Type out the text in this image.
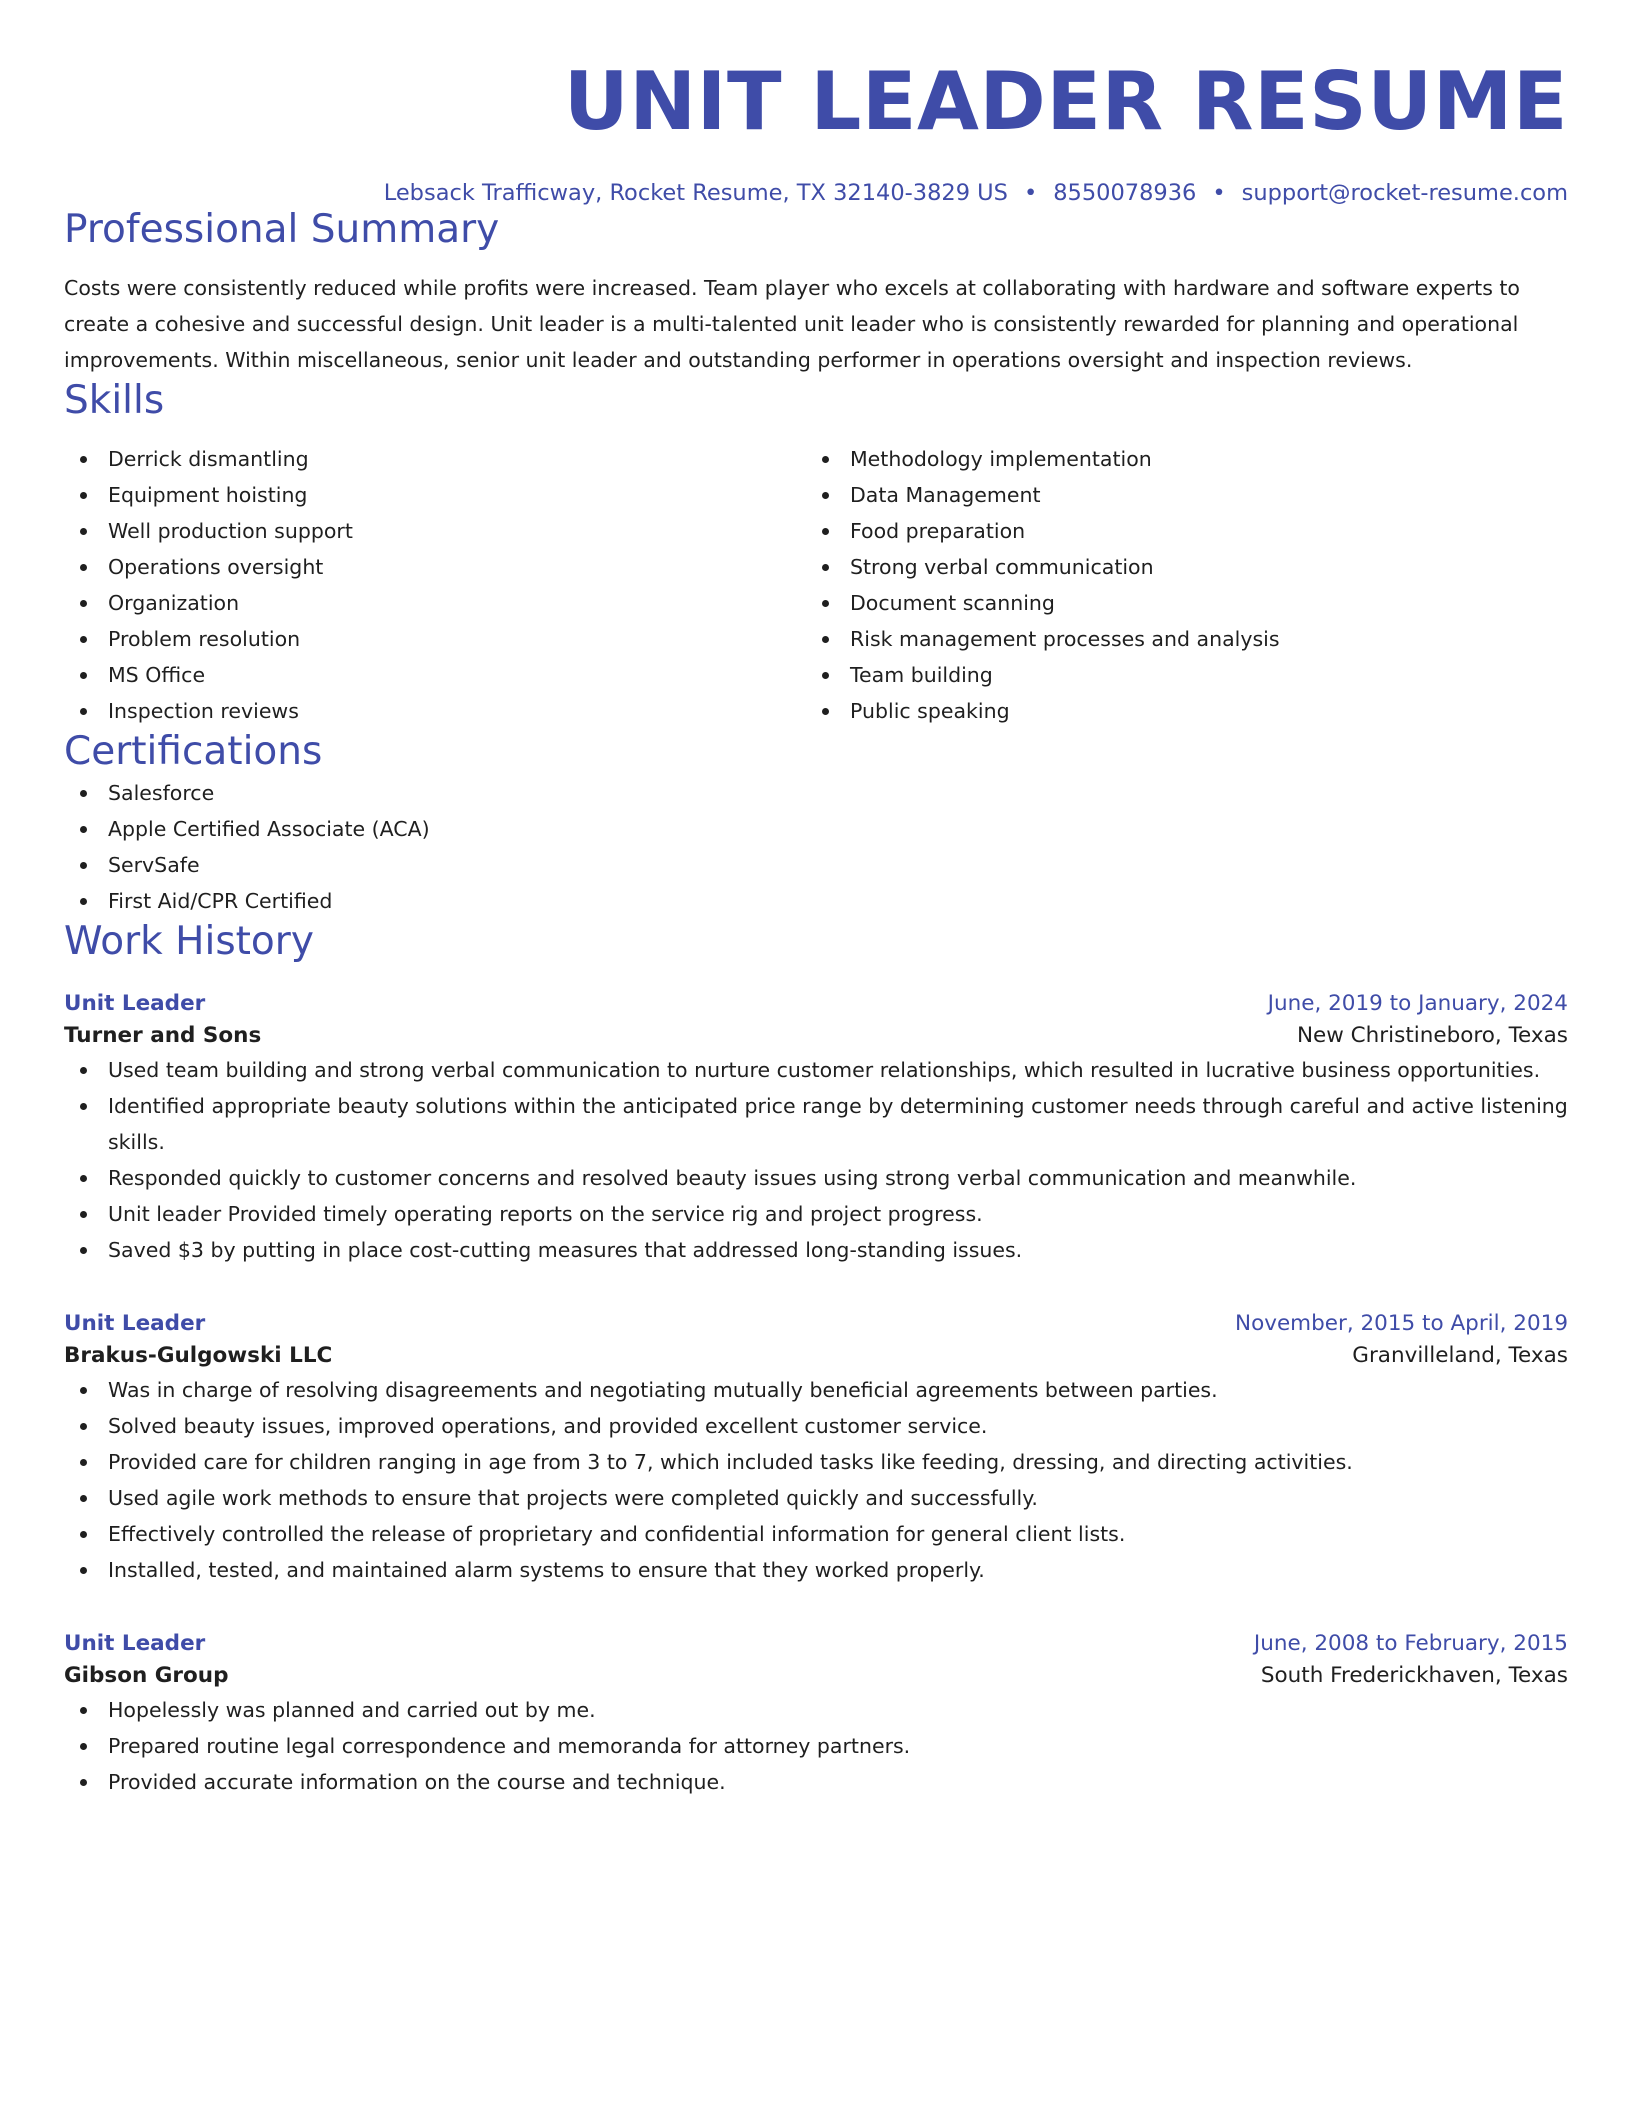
UNIT LEADER RESUME
Lebsack Trafficway, Rocket Resume, TX 32140-3829 US • 8550078936 • support@rocket-resume.com
Professional Summary

Costs were consistently reduced while profits were increased. Team player who excels at collaborating with hardware and software experts to create a cohesive and successful design. Unit leader is a multi-talented unit leader who is consistently rewarded for planning and operational improvements. Within miscellaneous, senior unit leader and outstanding performer in operations oversight and inspection reviews.

Skills
Derrick dismantling
Equipment hoisting
Well production support
Operations oversight
Organization
Problem resolution
MS Office
Inspection reviews
Methodology implementation
Data Management
Food preparation
Strong verbal communication
Document scanning
Risk management processes and analysis
Team building
Public speaking
Certifications
Salesforce
Apple Certified Associate (ACA)
ServSafe
First Aid/CPR Certified
Work History
Unit Leader	June, 2019 to January, 2024
Turner and Sons	New Christineboro, Texas
Used team building and strong verbal communication to nurture customer relationships, which resulted in lucrative business opportunities.
Identified appropriate beauty solutions within the anticipated price range by determining customer needs through careful and active listening skills.
Responded quickly to customer concerns and resolved beauty issues using strong verbal communication and meanwhile.
Unit leader Provided timely operating reports on the service rig and project progress.
Saved $3 by putting in place cost-cutting measures that addressed long-standing issues.
Unit Leader	November, 2015 to April, 2019
Brakus-Gulgowski LLC	Granvilleland, Texas
Was in charge of resolving disagreements and negotiating mutually beneficial agreements between parties.
Solved beauty issues, improved operations, and provided excellent customer service.
Provided care for children ranging in age from 3 to 7, which included tasks like feeding, dressing, and directing activities.
Used agile work methods to ensure that projects were completed quickly and successfully.
Effectively controlled the release of proprietary and confidential information for general client lists.
Installed, tested, and maintained alarm systems to ensure that they worked properly.
Unit Leader	June, 2008 to February, 2015
Gibson Group	South Frederickhaven, Texas
Hopelessly was planned and carried out by me.
Prepared routine legal correspondence and memoranda for attorney partners.
Provided accurate information on the course and technique.
